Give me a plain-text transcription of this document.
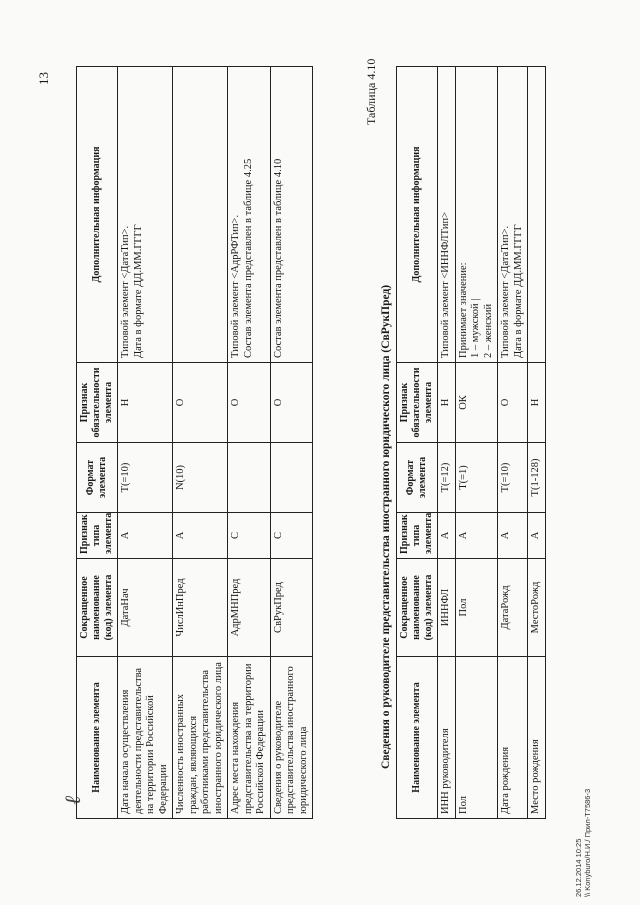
13
ℓ
Наименование элемента	Сокращенное
наименование
(код) элемента	Признак
типа
элемента	Формат
элемента	Признак
обязательности
элемента	Дополнительная информация
Дата начала осуществления деятельности представительства на территории Российской Федерации	ДатаНач	А	T(=10)	Н	Типовой элемент <ДатаТип>.
Дата в формате ДД.ММ.ГГГГ
Численность иностранных граждан, являющихся работниками представительства иностранного юридического лица	ЧислИнПред	А	N(10)	О	
Адрес места нахождения представительства на территории Российской Федерации	АдрМНПред	С		О	Типовой элемент <АдрРФТип>.
Состав элемента представлен в таблице 4.25
Сведения о руководителе представительства иностранного юридического лица	СвРукПред	С		О	Состав элемента представлен в таблице 4.10
Таблица 4.10
Сведения о руководителе представительства иностранного юридического лица (СвРукПред) Наименование элемента	Сокращенное
наименование
(код) элемента	Признак
типа
элемента	Формат
элемента	Признак
обязательности
элемента	Дополнительная информация
ИНН руководителя	ИННФЛ	А	T(=12)	Н	Типовой элемент <ИННФЛТип>
Пол	Пол	А	T(=1)	ОК	Принимает значение:
1 – мужской |
2 – женский
Дата рождения	ДатаРожд	А	T(=10)	О	Типовой элемент <ДатаТип>.
Дата в формате ДД.ММ.ГГГГ
Место рождения	МестоРожд	А	T(1-128)	Н	
26.12.2014 10:25 \\ Konyburo/Н.И./ Прил-Т7586-3
